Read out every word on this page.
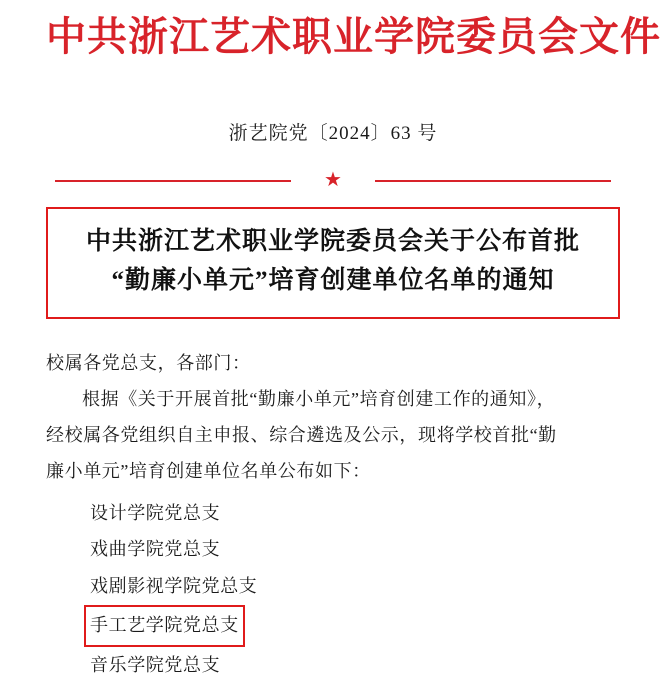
中共浙江艺术职业学院委员会文件
浙艺院党〔2024〕63 号
★
中共浙江艺术职业学院委员会关于公布首批
“勤廉小单元”培育创建单位名单的通知

校属各党总支，各部门：

根据《关于开展首批“勤廉小单元”培育创建工作的通知》，

经校属各党组织自主申报、综合遴选及公示，现将学校首批“勤

廉小单元”培育创建单位名单公布如下：

设计学院党总支
戏曲学院党总支
戏剧影视学院党总支
手工艺学院党总支
音乐学院党总支
